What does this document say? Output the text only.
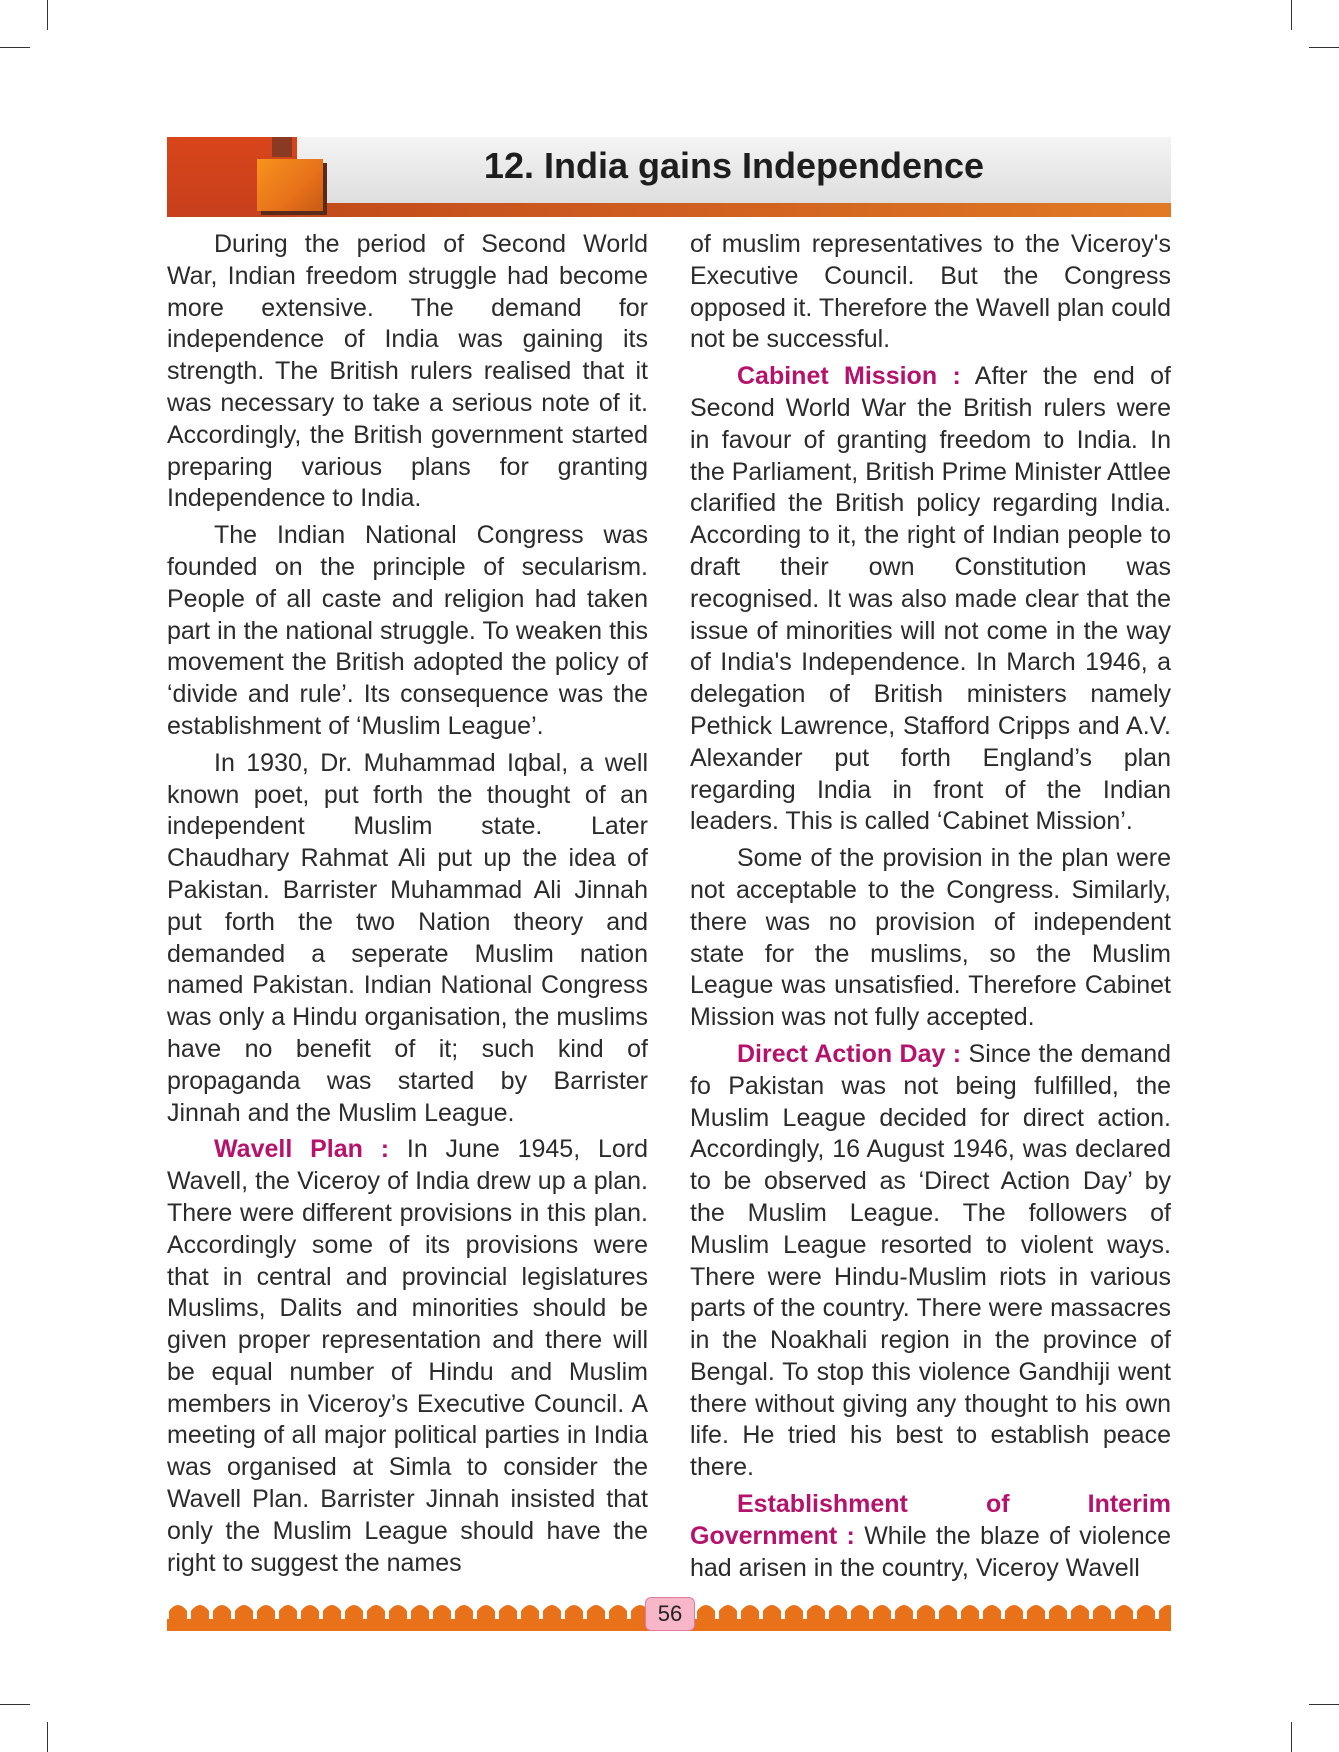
12. India gains Independence

During the period of Second World War, Indian freedom struggle had become more extensive. The demand for independence of India was gaining its strength. The British rulers realised that it was necessary to take a serious note of it. Accordingly, the British government started preparing various plans for granting Independence to India.

The Indian National Congress was founded on the principle of secularism. People of all caste and religion had taken part in the national struggle. To weaken this movement the British adopted the policy of ‘divide and rule’. Its consequence was the establishment of ‘Muslim League’.

In 1930, Dr. Muhammad Iqbal, a well known poet, put forth the thought of an independent Muslim state. Later Chaudhary Rahmat Ali put up the idea of Pakistan. Barrister Muhammad Ali Jinnah put forth the two Nation theory and demanded a seperate Muslim nation named Pakistan. Indian National Congress was only a Hindu organisation, the muslims have no benefit of it; such kind of propaganda was started by Barrister Jinnah and the Muslim League.

Wavell Plan : In June 1945, Lord Wavell, the Viceroy of India drew up a plan. There were different provisions in this plan. Accordingly some of its provisions were that in central and provincial legislatures Muslims, Dalits and minorities should be given proper representation and there will be equal number of Hindu and Muslim members in Viceroy’s Executive Council. A meeting of all major political parties in India was organised at Simla to consider the Wavell Plan. Barrister Jinnah insisted that only the Muslim League should have the right to suggest the names

of muslim representatives to the Viceroy's Executive Council. But the Congress opposed it. Therefore the Wavell plan could not be successful.

Cabinet Mission : After the end of Second World War the British rulers were in favour of granting freedom to India. In the Parliament, British Prime Minister Attlee clarified the British policy regarding India. According to it, the right of Indian people to draft their own Constitution was recognised. It was also made clear that the issue of minorities will not come in the way of India's Independence. In March 1946, a delegation of British ministers namely Pethick Lawrence, Stafford Cripps and A.V. Alexander put forth England’s plan regarding India in front of the Indian leaders. This is called ‘Cabinet Mission’.

Some of the provision in the plan were not acceptable to the Congress. Similarly, there was no provision of independent state for the muslims, so the Muslim League was unsatisfied. Therefore Cabinet Mission was not fully accepted.

Direct Action Day : Since the demand fo Pakistan was not being fulfilled, the Muslim League decided for direct action. Accordingly, 16 August 1946, was declared to be observed as ‘Direct Action Day’ by the Muslim League. The followers of Muslim League resorted to violent ways. There were Hindu-Muslim riots in various parts of the country. There were massacres in the Noakhali region in the province of Bengal. To stop this violence Gandhiji went there without giving any thought to his own life. He tried his best to establish peace there.

Establishment of Interim Government : While the blaze of violence had arisen in the country, Viceroy Wavell

56
